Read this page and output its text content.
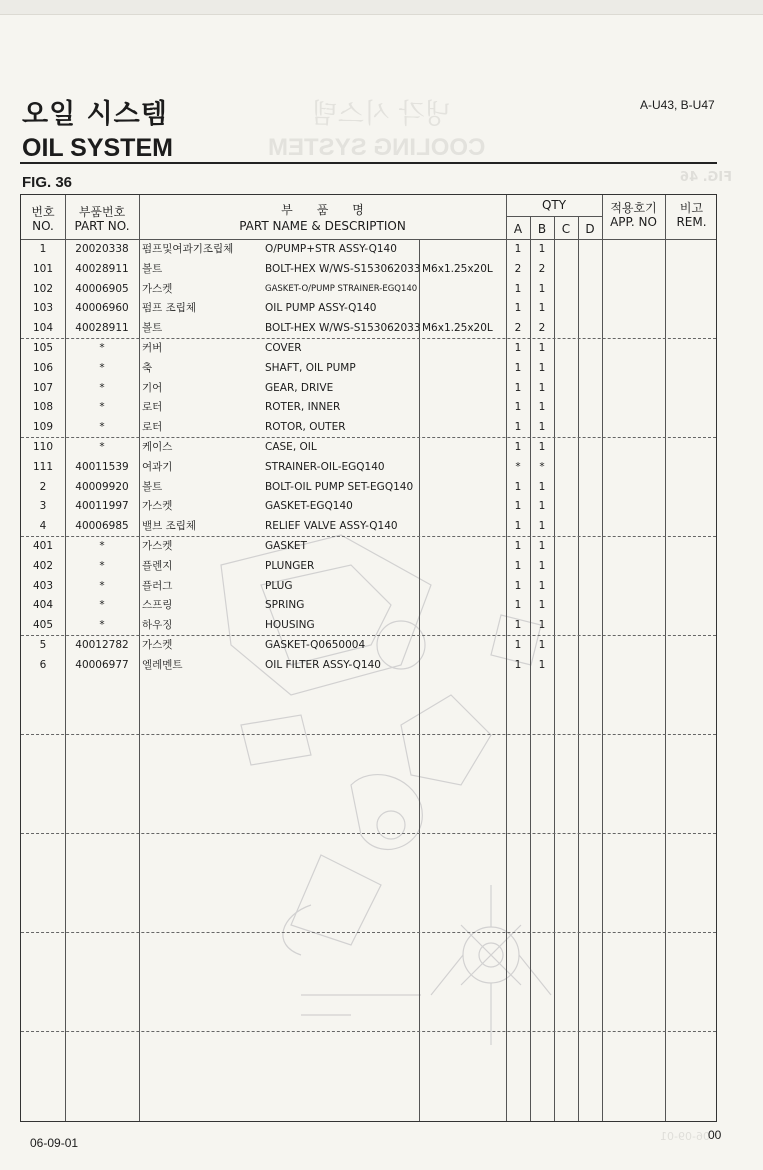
냉각 시스템
COOLING SYSTEM
FIG. 46
오일 시스템
OIL SYSTEM
A-U43, B-U47
FIG. 36
번호
NO.
부품번호
PART NO.
부　　품　　명
PART NAME & DESCRIPTION
QTY
A	B	C	D
적용호기
APP. NO
비고
REM.
1	20020338	펌프및여과기조립체	O/PUMP+STR ASSY-Q140	1	1
101	40028911	볼트	BOLT-HEX W/WS-S153062033 M6x1.25x20L	2	2
102	40006905	가스켓	GASKET-O/PUMP STRAINER-EGQ140	1	1
103	40006960	펌프 조립체	OIL PUMP ASSY-Q140	1	1
104	40028911	볼트	BOLT-HEX W/WS-S153062033 M6x1.25x20L	2	2
105	*	커버	COVER	1	1
106	*	축	SHAFT, OIL PUMP	1	1
107	*	기어	GEAR, DRIVE	1	1
108	*	로터	ROTER, INNER	1	1
109	*	로터	ROTOR, OUTER	1	1
110	*	케이스	CASE, OIL	1	1
111	40011539	여과기	STRAINER-OIL-EGQ140	*	*
2	40009920	볼트	BOLT-OIL PUMP SET-EGQ140	1	1
3	40011997	가스켓	GASKET-EGQ140	1	1
4	40006985	밸브 조립체	RELIEF VALVE ASSY-Q140	1	1
401	*	가스켓	GASKET	1	1
402	*	플렌지	PLUNGER	1	1
403	*	플러그	PLUG	1	1
404	*	스프링	SPRING	1	1
405	*	하우징	HOUSING	1	1
5	40012782	가스켓	GASKET-Q0650004	1	1
6	40006977	엘레멘트	OIL FILTER ASSY-Q140	1	1
06-09-01	06-09-01
00
